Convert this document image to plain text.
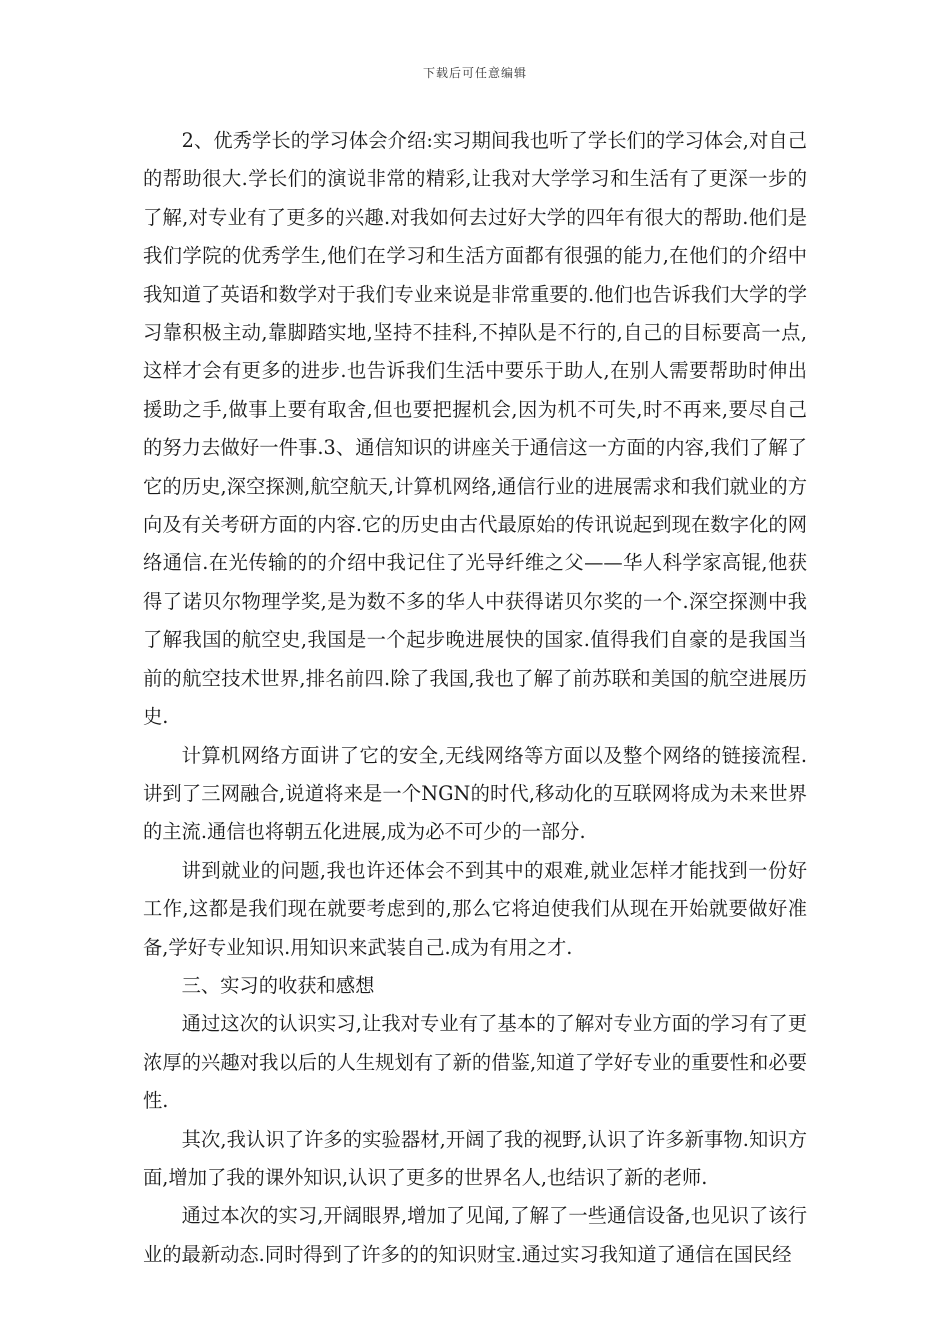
下载后可任意编辑

2、优秀学长的学习体会介绍:实习期间我也听了学长们的学习体会,对自己的帮助很大.学长们的演说非常的精彩,让我对大学学习和生活有了更深一步的了解,对专业有了更多的兴趣.对我如何去过好大学的四年有很大的帮助.他们是我们学院的优秀学生,他们在学习和生活方面都有很强的能力,在他们的介绍中我知道了英语和数学对于我们专业来说是非常重要的.他们也告诉我们大学的学习靠积极主动,靠脚踏实地,坚持不挂科,不掉队是不行的,自己的目标要高一点,这样才会有更多的进步.也告诉我们生活中要乐于助人,在别人需要帮助时伸出援助之手,做事上要有取舍,但也要把握机会,因为机不可失,时不再来,要尽自己的努力去做好一件事.3、通信知识的讲座关于通信这一方面的内容,我们了解了它的历史,深空探测,航空航天,计算机网络,通信行业的进展需求和我们就业的方向及有关考研方面的内容.它的历史由古代最原始的传讯说起到现在数字化的网络通信.在光传输的的介绍中我记住了光导纤维之父——华人科学家高锟,他获得了诺贝尔物理学奖,是为数不多的华人中获得诺贝尔奖的一个.深空探测中我了解我国的航空史,我国是一个起步晚进展快的国家.值得我们自豪的是我国当前的航空技术世界,排名前四.除了我国,我也了解了前苏联和美国的航空进展历史.

计算机网络方面讲了它的安全,无线网络等方面以及整个网络的链接流程.讲到了三网融合,说道将来是一个NGN的时代,移动化的互联网将成为未来世界的主流.通信也将朝五化进展,成为必不可少的一部分.

讲到就业的问题,我也许还体会不到其中的艰难,就业怎样才能找到一份好工作,这都是我们现在就要考虑到的,那么它将迫使我们从现在开始就要做好准备,学好专业知识.用知识来武装自己.成为有用之才.

三、实习的收获和感想

通过这次的认识实习,让我对专业有了基本的了解对专业方面的学习有了更浓厚的兴趣对我以后的人生规划有了新的借鉴,知道了学好专业的重要性和必要性.

其次,我认识了许多的实验器材,开阔了我的视野,认识了许多新事物.知识方面,增加了我的课外知识,认识了更多的世界名人,也结识了新的老师.

通过本次的实习,开阔眼界,增加了见闻,了解了一些通信设备,也见识了该行业的最新动态.同时得到了许多的的知识财宝.通过实习我知道了通信在国民经
